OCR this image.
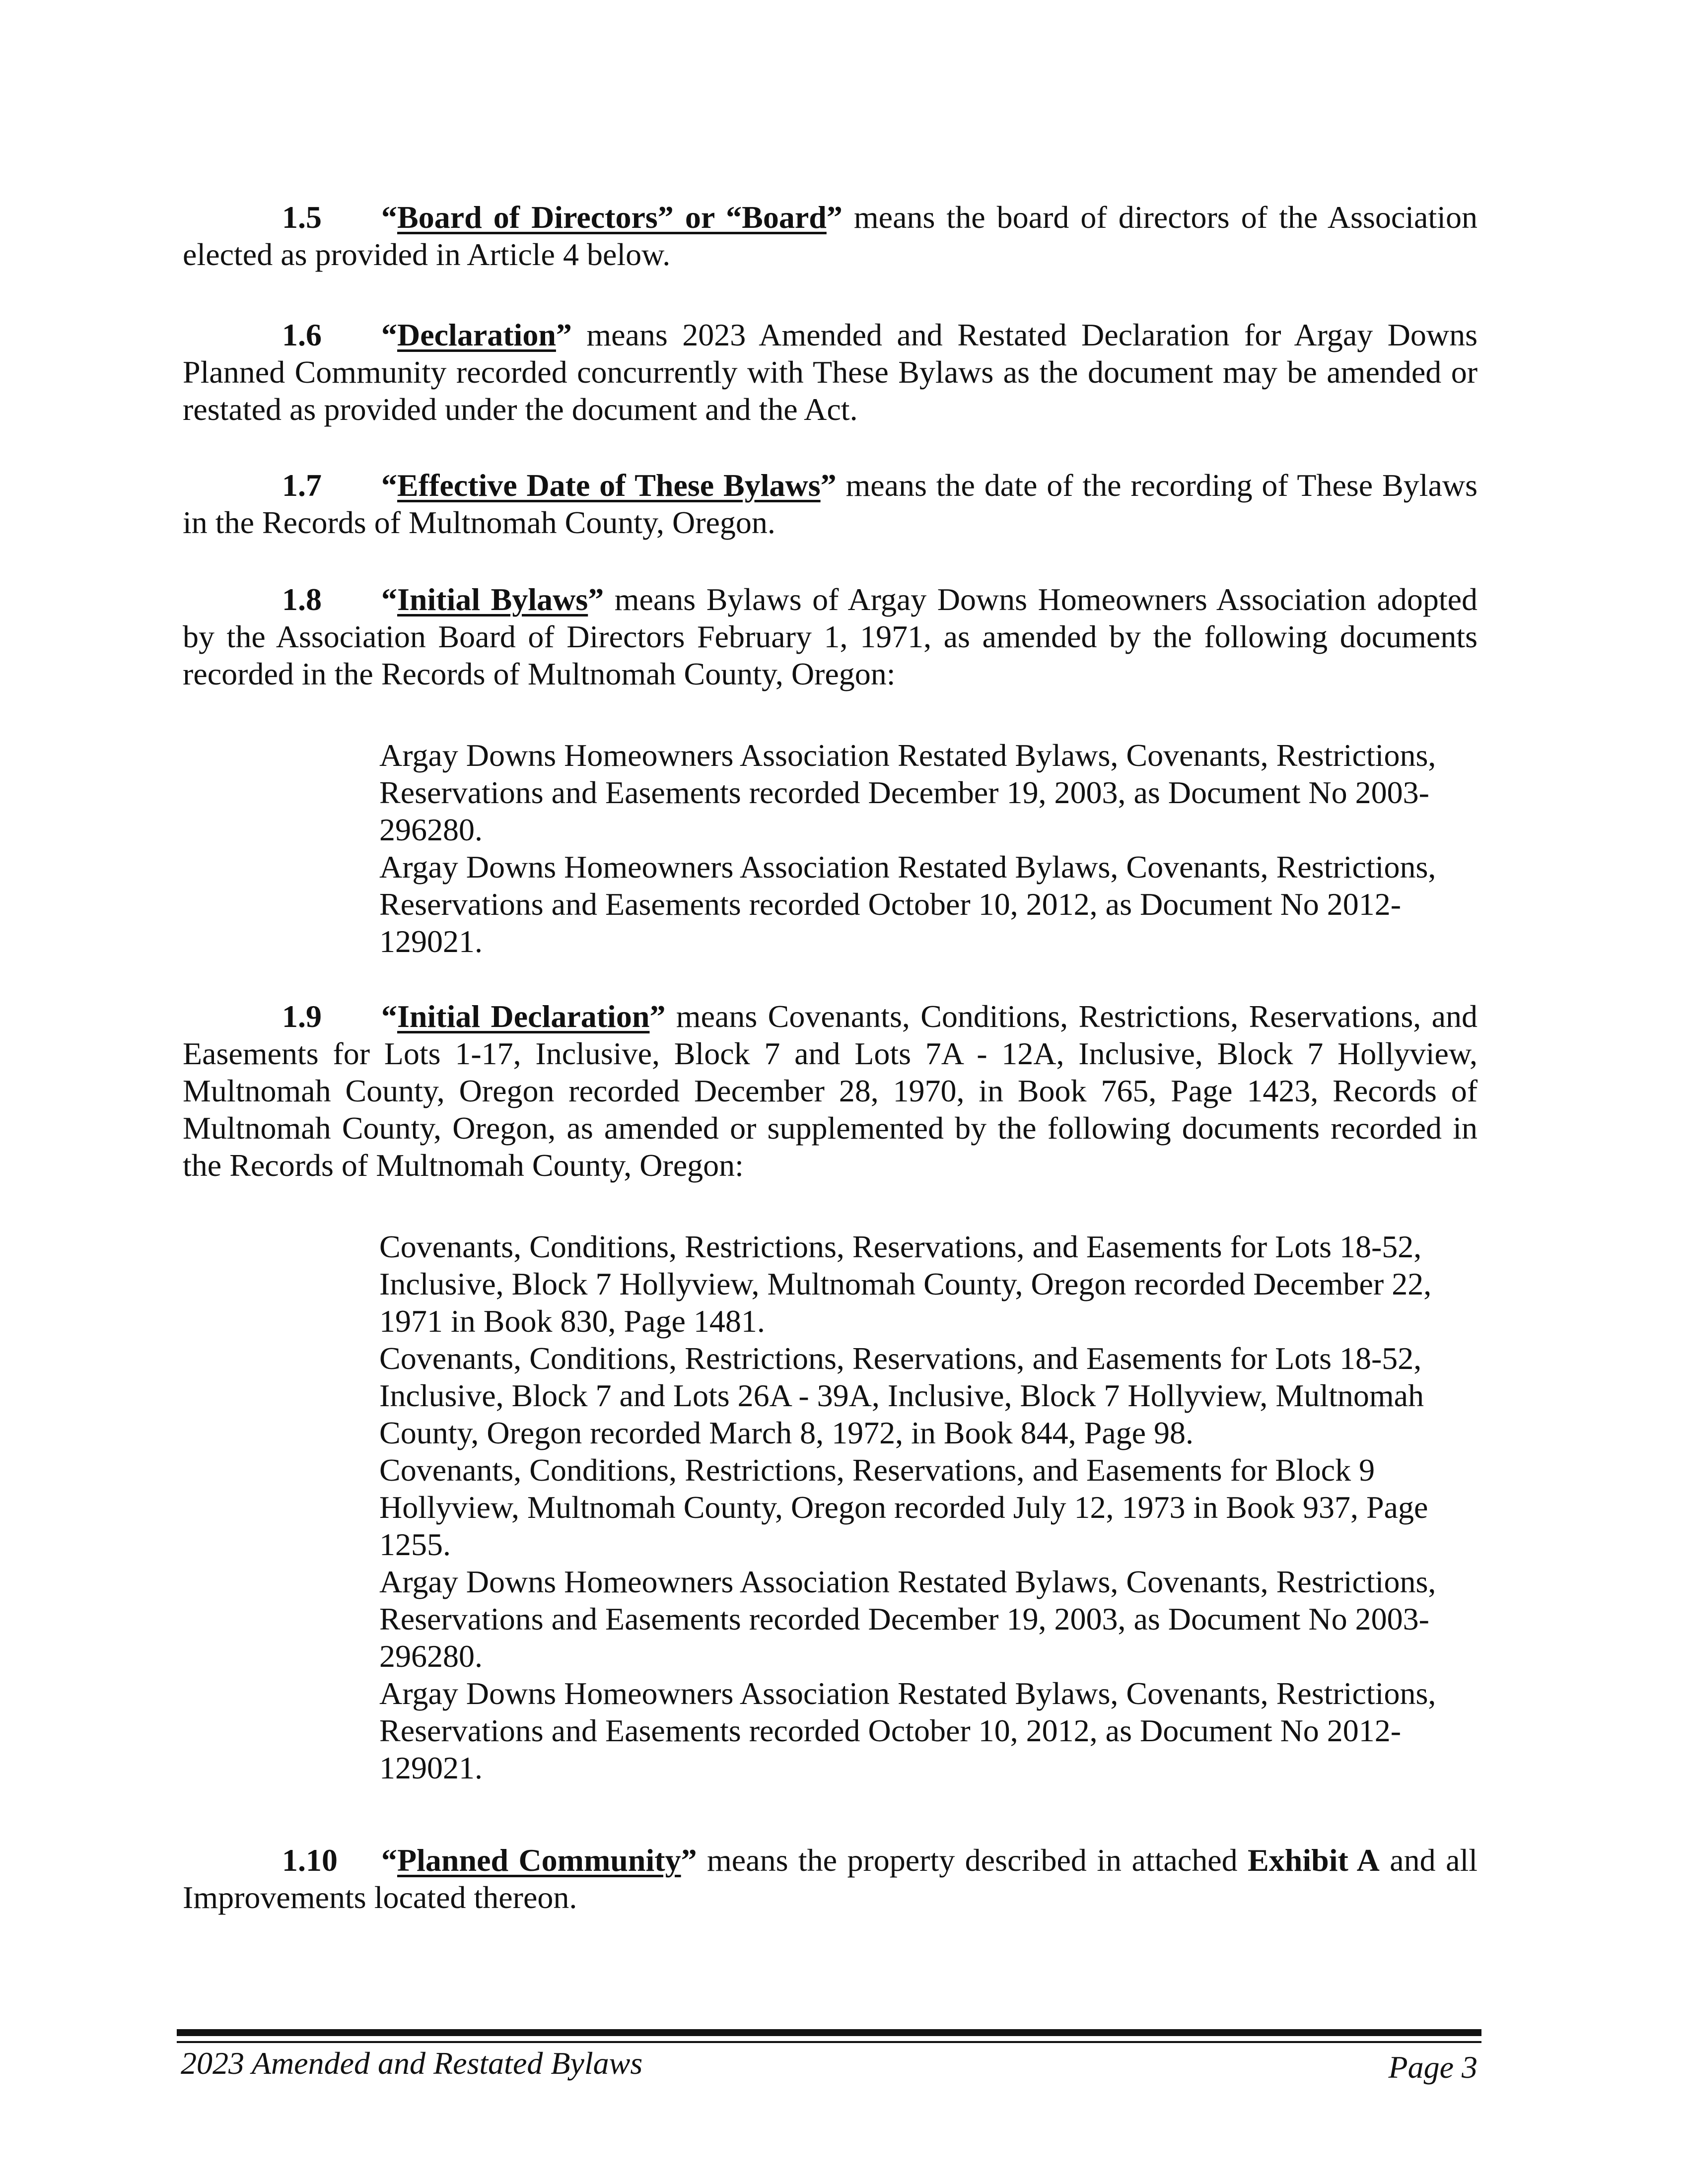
1.5 “Board of Directors” or “Board” means the board of directors of the Association elected as provided in Article 4 below.

1.6 “Declaration” means 2023 Amended and Restated Declaration for Argay Downs Planned Community recorded concurrently with These Bylaws as the document may be amended or restated as provided under the document and the Act.

1.7 “Effective Date of These Bylaws” means the date of the recording of These Bylaws in the Records of Multnomah County, Oregon.

1.8 “Initial Bylaws” means Bylaws of Argay Downs Homeowners Association adopted by the Association Board of Directors February 1, 1971, as amended by the following documents recorded in the Records of Multnomah County, Oregon:

Argay Downs Homeowners Association Restated Bylaws, Covenants, Restrictions, Reservations and Easements recorded December 19, 2003, as Document No 2003-296280.

Argay Downs Homeowners Association Restated Bylaws, Covenants, Restrictions, Reservations and Easements recorded October 10, 2012, as Document No 2012-129021.

1.9 “Initial Declaration” means Covenants, Conditions, Restrictions, Reservations, and Easements for Lots 1-17, Inclusive, Block 7 and Lots 7A - 12A, Inclusive, Block 7 Hollyview, Multnomah County, Oregon recorded December 28, 1970, in Book 765, Page 1423, Records of Multnomah County, Oregon, as amended or supplemented by the following documents recorded in the Records of Multnomah County, Oregon:

Covenants, Conditions, Restrictions, Reservations, and Easements for Lots 18-52, Inclusive, Block 7 Hollyview, Multnomah County, Oregon recorded December 22, 1971 in Book 830, Page 1481.

Covenants, Conditions, Restrictions, Reservations, and Easements for Lots 18-52, Inclusive, Block 7 and Lots 26A - 39A, Inclusive, Block 7 Hollyview, Multnomah County, Oregon recorded March 8, 1972, in Book 844, Page 98.

Covenants, Conditions, Restrictions, Reservations, and Easements for Block 9 Hollyview, Multnomah County, Oregon recorded July 12, 1973 in Book 937, Page 1255.

Argay Downs Homeowners Association Restated Bylaws, Covenants, Restrictions, Reservations and Easements recorded December 19, 2003, as Document No 2003-296280.

Argay Downs Homeowners Association Restated Bylaws, Covenants, Restrictions, Reservations and Easements recorded October 10, 2012, as Document No 2012-129021.

1.10 “Planned Community” means the property described in attached Exhibit A and all Improvements located thereon.

2023 Amended and Restated Bylaws	Page 3
